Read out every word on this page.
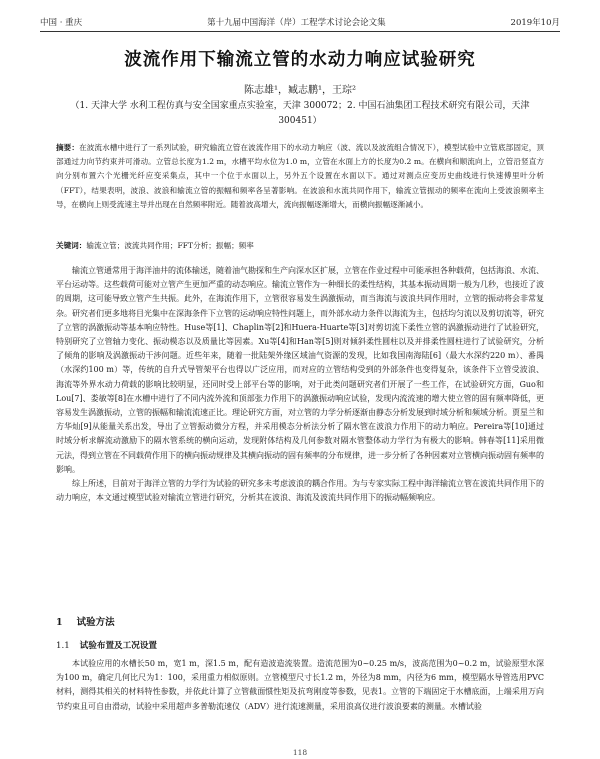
中国 · 重庆	第十九届中国海洋（岸）工程学术讨论会论文集	2019年10月
波流作用下输流立管的水动力响应试验研究
陈志雄¹，臧志鹏¹，王琮²
（1. 天津大学 水利工程仿真与安全国家重点实验室，天津 300072；2. 中国石油集团工程技术研究有限公司，天津 300451）
摘要：在波流水槽中进行了一系列试验，研究输流立管在波流作用下的水动力响应（波、流以及波流组合情况下），模型试验中立管底部固定，顶部通过力向节约束并可滑动。立管总长度为1.2 m，水槽平均水位为1.0 m，立管在水面上方的长度为0.2 m。在横向和顺流向上，立管沿竖直方向分别布置六个光栅光纤应变采集点，其中一个位于水面以上，另外五个设置在水面以下。通过对测点应变历史曲线进行快速傅里叶分析（FFT），结果表明，波浪、波浪和输流立管的振幅和频率各呈著影响。在波浪和水流共同作用下，输流立管振动的频率在流向上受波浪频率主导，在横向上则受流速主导并出现在自然频率附近。随着波高增大，流向振幅逐渐增大，而横向振幅逐渐减小。
关键词：输流立管；波流共同作用；FFT分析；振幅；频率

输流立管通常用于海洋油井的流体输送，随着油气勘探和生产向深水区扩展，立管在作业过程中可能承担各种载荷，包括海浪、水流、平台运动等。这些载荷可能对立管产生更加严重的动态响应。输流立管作为一种细长的柔性结构，其基本振动周期一般为几秒，也接近了波的周期，这可能导致立管产生共振。此外，在海流作用下，立管很容易发生涡激振动，而当海流与波浪共同作用时，立管的振动将会非常复杂。研究者们更多地将目光集中在深海条件下立管的运动响应特性问题上，而外部水动力条件以海流为主，包括均匀流以及剪切流等，研究了立管的涡激振动等基本响应特性。Huse等[1]、Chaplin等[2]和Huera-Huarte等[3]对剪切流下柔性立管的涡激振动进行了试验研究，特别研究了立管轴力变化、振动模态以及质量比等因素。Xu等[4]和Han等[5]则对倾斜柔性圆柱以及并排柔性圆柱进行了试验研究，分析了倾角的影响及涡激振动干涉问题。近些年来，随着一批陆架外缘区域油气资源的发现，比如我国南海陆[6]（最大水深约220 m）、番禺（水深约100 m）等，传统的自升式导管架平台也得以广泛应用，而对应的立管结构受到的外部条件也变得复杂，该条件下立管受波浪、海流等外界水动力荷载的影响比较明显，还同时受上部平台等的影响，对于此类问题研究者们开展了一些工作，在试验研究方面，Guo和Lou[7]、娄敏等[8]在水槽中进行了不同内流外流和顶部张力作用下的涡激振动响应试验，发现内流流速的增大使立管的固有频率降低，更容易发生涡激振动，立管的振幅和输流流速正比。理论研究方面，对立管的力学分析逐渐由静态分析发展到时域分析和频域分析。贾星兰和方华灿[9]从能量关系出发，导出了立管振动微分方程，并采用模态分析法分析了隔水管在波浪力作用下的动力响应。Pereira等[10]通过时域分析求解流动激励下的隔水管系统的横向运动，发现附体结构及几何参数对隔水管整体动力学行为有极大的影响。韩春等[11]采用微元法，得到立管在不同载荷作用下的横向振动规律及其横向振动的固有频率的分布规律，进一步分析了各种因素对立管横向振动固有频率的影响。

综上所述，目前对于海洋立管的力学行为试验的研究多未考虑波浪的耦合作用。为与专家实际工程中海洋输流立管在波流共同作用下的动力响应，本文通过模型试验对输流立管进行研究，分析其在波浪、海流及波流共同作用下的振动幅频响应。

1 试验方法
1.1 试验布置及工况设置

本试验应用的水槽长50 m，宽1 m，深1.5 m，配有造波造流装置。造流范围为0~0.25 m/s，波高范围为0~0.2 m，试验原型水深为100 m，确定几何比尺为1：100，采用重力相似原则。立管模型尺寸长1.2 m，外径为8 mm，内径为6 mm，模型隔水导管选用PVC材料，测得其相关的材料特性参数，并依此计算了立管截面惯性矩及抗弯刚度等参数，见表1。立管的下端固定于水槽底面，上端采用万向节约束且可自由滑动，试验中采用超声多普勒流速仪（ADV）进行流速测量，采用浪高仪进行波浪要素的测量。水槽试验

118
